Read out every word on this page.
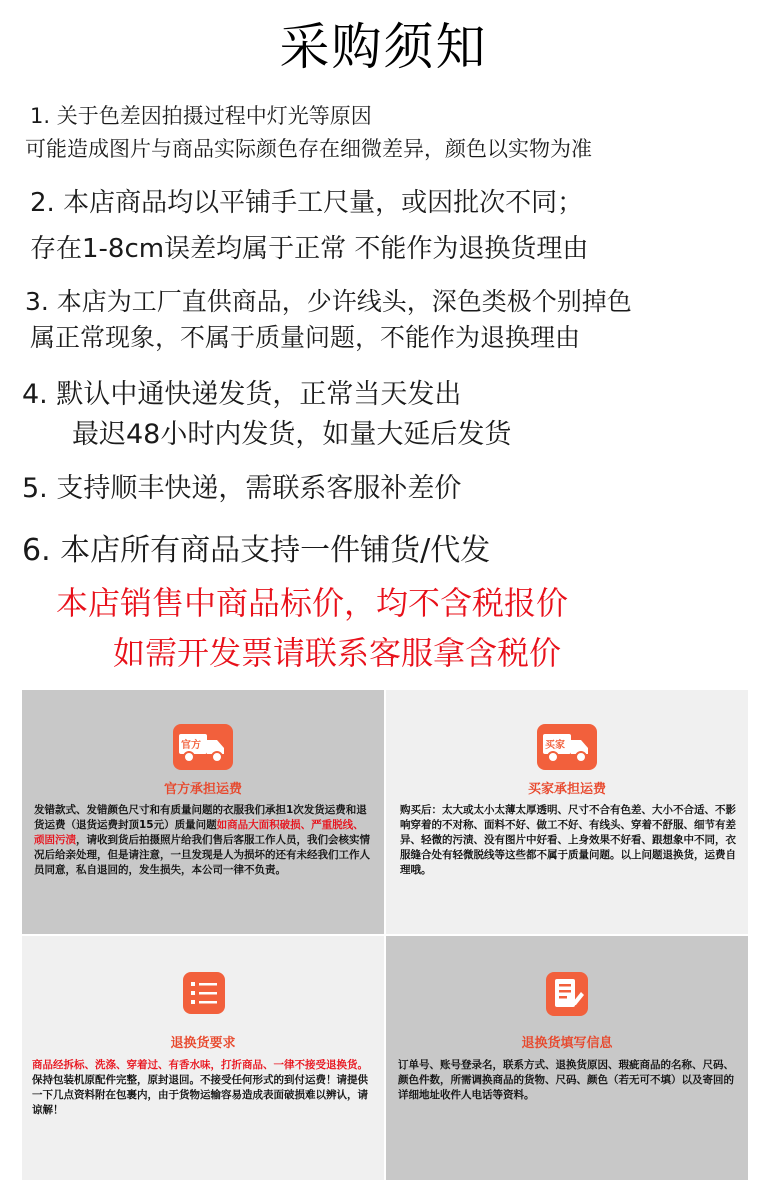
采购须知
1. 关于色差因拍摄过程中灯光等原因
可能造成图片与商品实际颜色存在细微差异，颜色以实物为准
2. 本店商品均以平铺手工尺量，或因批次不同；
存在1-8cm误差均属于正常 不能作为退换货理由
3. 本店为工厂直供商品，少许线头，深色类极个别掉色
属正常现象，不属于质量问题，不能作为退换理由
4. 默认中通快递发货，正常当天发出
最迟48小时内发货，如量大延后发货
5. 支持顺丰快递，需联系客服补差价
6. 本店所有商品支持一件铺货/代发
本店销售中商品标价，均不含税报价
如需开发票请联系客服拿含税价
官方
官方承担运费
发错款式、发错颜色尺寸和有质量问题的衣服我们承担1次发货运费和退货运费（退货运费封顶15元）质量问题如商品大面积破损、严重脱线、顽固污渍，请收到货后拍摄照片给我们售后客服工作人员，我们会核实情况后给亲处理，但是请注意，一旦发现是人为损坏的还有未经我们工作人员同意，私自退回的，发生损失，本公司一律不负责。
买家
买家承担运费
购买后：太大或太小太薄太厚透明、尺寸不合有色差、大小不合适、不影响穿着的不对称、面料不好、做工不好、有线头、穿着不舒服、细节有差异、轻微的污渍、没有图片中好看、上身效果不好看、跟想象中不同，衣服缝合处有轻微脱线等这些都不属于质量问题。以上问题退换货，运费自理哦。
退换货要求
商品经拆标、洗涤、穿着过、有香水味，打折商品、一律不接受退换货。保持包装机原配件完整，原封退回。不接受任何形式的到付运费！请提供一下几点资料附在包裹内，由于货物运输容易造成表面破损难以辨认，请谅解！
退换货填写信息
订单号、账号登录名，联系方式、退换货原因、瑕疵商品的名称、尺码、颜色件数，所需调换商品的货物、尺码、颜色（若无可不填）以及寄回的详细地址收件人电话等资料。
